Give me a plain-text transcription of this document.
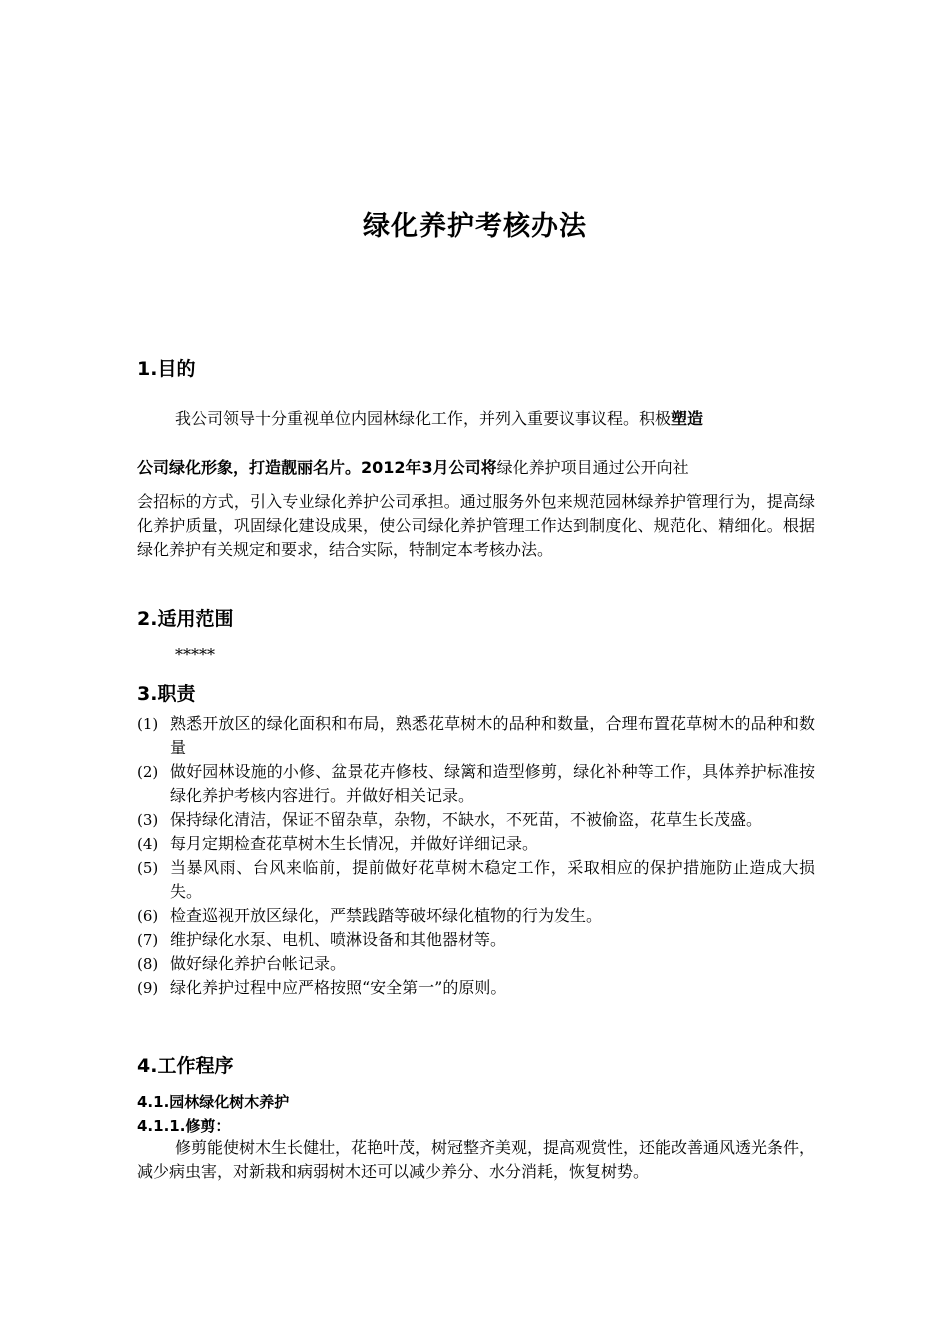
绿化养护考核办法
1.目的
我公司领导十分重视单位内园林绿化工作，并列入重要议事议程。积极塑造
公司绿化形象，打造靓丽名片。2012年3月公司将绿化养护项目通过公开向社

会招标的方式，引入专业绿化养护公司承担。通过服务外包来规范园林绿养护管理行为，提高绿化养护质量，巩固绿化建设成果，使公司绿化养护管理工作达到制度化、规范化、精细化。根据绿化养护有关规定和要求，结合实际，特制定本考核办法。

2.适用范围
*****
3.职责
(1) 熟悉开放区的绿化面积和布局，熟悉花草树木的品种和数量，合理布置花草树木的品种和数量
(2) 做好园林设施的小修、盆景花卉修枝、绿篱和造型修剪，绿化补种等工作，具体养护标准按绿化养护考核内容进行。并做好相关记录。
(3) 保持绿化清洁，保证不留杂草，杂物，不缺水，不死苗，不被偷盗，花草生长茂盛。
(4) 每月定期检查花草树木生长情况，并做好详细记录。
(5) 当暴风雨、台风来临前，提前做好花草树木稳定工作，采取相应的保护措施防止造成大损失。
(6) 检查巡视开放区绿化，严禁践踏等破坏绿化植物的行为发生。
(7) 维护绿化水泵、电机、喷淋设备和其他器材等。
(8) 做好绿化养护台帐记录。
(9) 绿化养护过程中应严格按照“安全第一”的原则。
4.工作程序
4.1.园林绿化树木养护
4.1.1.修剪：

修剪能使树木生长健壮，花艳叶茂，树冠整齐美观，提高观赏性，还能改善通风透光条件，减少病虫害，对新栽和病弱树木还可以减少养分、水分消耗，恢复树势。
